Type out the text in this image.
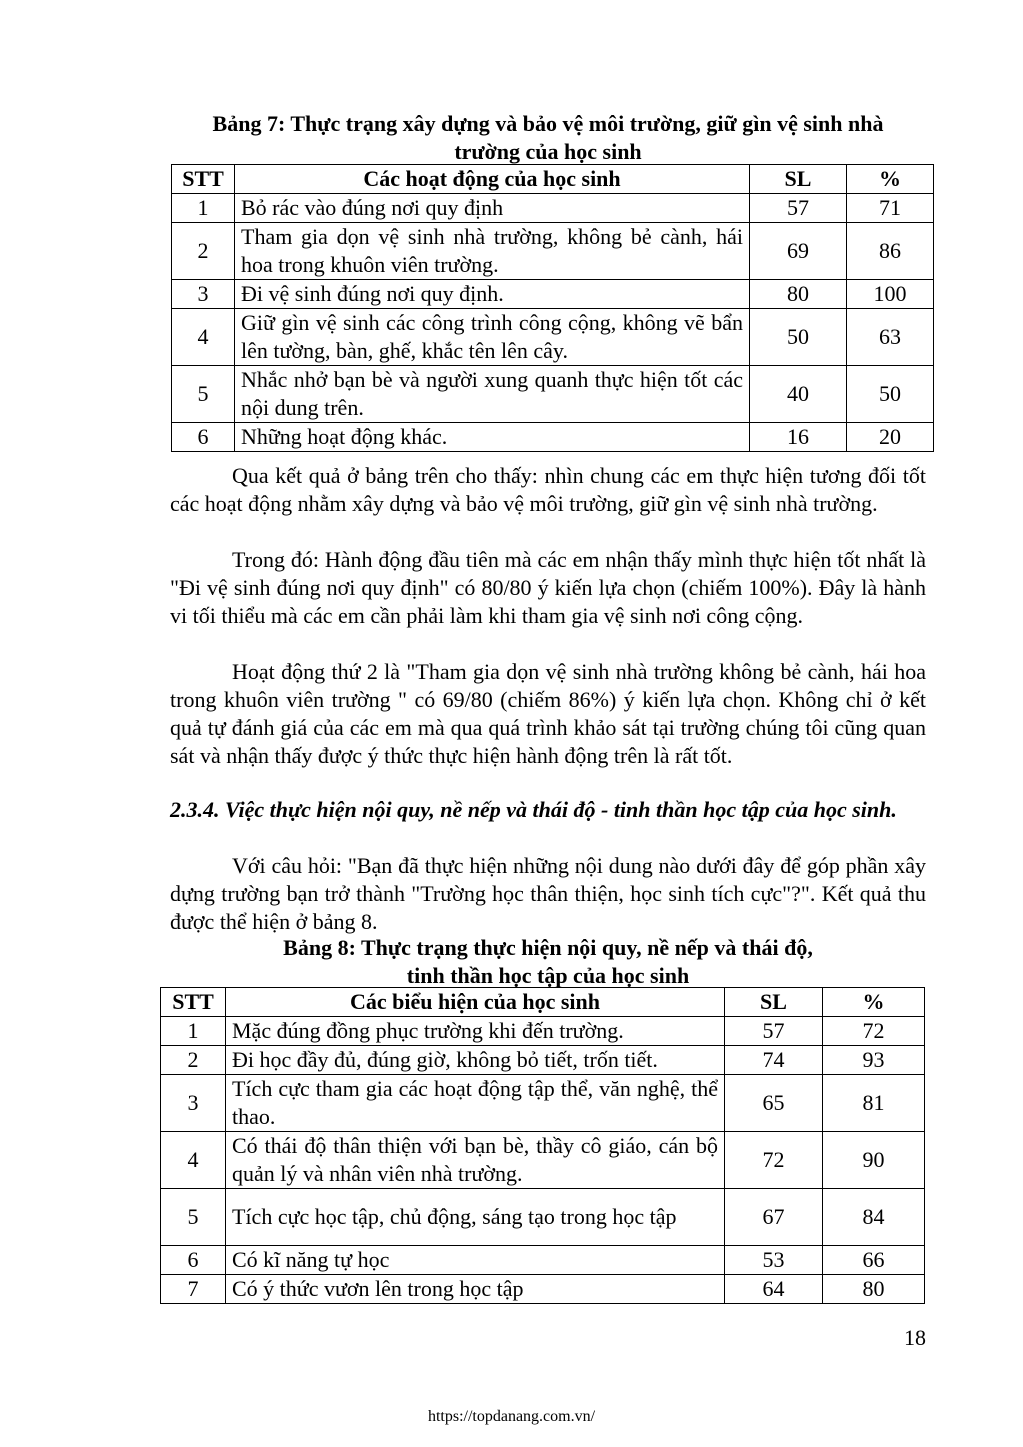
Bảng 7: Thực trạng xây dựng và bảo vệ môi trường, giữ gìn vệ sinh nhà
trường của học sinh
STT	Các hoạt động của học sinh	SL	%
1	Bỏ rác vào đúng nơi quy định	57	71
2	Tham gia dọn vệ sinh nhà trường, không bẻ cành, hái hoa trong khuôn viên trường.	69	86
3	Đi vệ sinh đúng nơi quy định.	80	100
4	Giữ gìn vệ sinh các công trình công cộng, không vẽ bẩn lên tường, bàn, ghế, khắc tên lên cây.	50	63
5	Nhắc nhở bạn bè và người xung quanh thực hiện tốt các nội dung trên.	40	50
6	Những hoạt động khác.	16	20

Qua kết quả ở bảng trên cho thấy: nhìn chung các em thực hiện tương đối tốt các hoạt động nhằm xây dựng và bảo vệ môi trường, giữ gìn vệ sinh nhà trường.

Trong đó: Hành động đầu tiên mà các em nhận thấy mình thực hiện tốt nhất là "Đi vệ sinh đúng nơi quy định" có 80/80 ý kiến lựa chọn (chiếm 100%). Đây là hành vi tối thiểu mà các em cần phải làm khi tham gia vệ sinh nơi công cộng.

Hoạt động thứ 2 là "Tham gia dọn vệ sinh nhà trường không bẻ cành, hái hoa trong khuôn viên trường " có 69/80 (chiếm 86%) ý kiến lựa chọn. Không chỉ ở kết quả tự đánh giá của các em mà qua quá trình khảo sát tại trường chúng tôi cũng quan sát và nhận thấy được ý thức thực hiện hành động trên là rất tốt.

2.3.4. Việc thực hiện nội quy, nề nếp và thái độ - tinh thần học tập của học sinh.

Với câu hỏi: "Bạn đã thực hiện những nội dung nào dưới đây để góp phần xây dựng trường bạn trở thành "Trường học thân thiện, học sinh tích cực"?". Kết quả thu được thể hiện ở bảng 8.

Bảng 8: Thực trạng thực hiện nội quy, nề nếp và thái độ,
tinh thần học tập của học sinh
STT	Các biểu hiện của học sinh	SL	%
1	Mặc đúng đồng phục trường khi đến trường.	57	72
2	Đi học đầy đủ, đúng giờ, không bỏ tiết, trốn tiết.	74	93
3	Tích cực tham gia các hoạt động tập thể, văn nghệ, thể thao.	65	81
4	Có thái độ thân thiện với bạn bè, thầy cô giáo, cán bộ quản lý và nhân viên nhà trường.	72	90
5	Tích cực học tập, chủ động, sáng tạo trong học tập	67	84
6	Có kĩ năng tự học	53	66
7	Có ý thức vươn lên trong học tập	64	80
18
https://topdanang.com.vn/
